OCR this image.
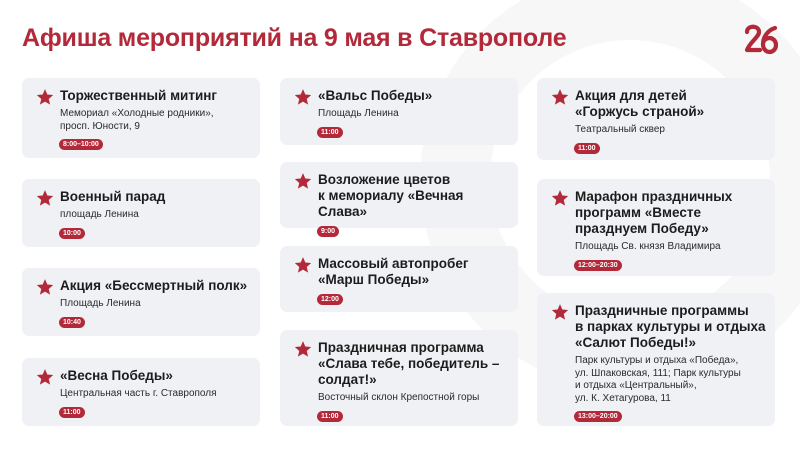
Афиша мероприятий на 9 мая в Ставрополе
Торжественный митинг
Мемориал «Холодные родники»,
просп. Юности, 9
8:00–10:00
Военный парад
площадь Ленина
10:00
Акция «Бессмертный полк»
Площадь Ленина
10:40
«Весна Победы»
Центральная часть г. Ставрополя
11:00
«Вальс Победы»
Площадь Ленина
11:00
Возложение цветов
к мемориалу «Вечная Слава»
9:00
Массовый автопробег
«Марш Победы»
12:00
Праздничная программа
«Слава тебе, победитель –
солдат!»
Восточный склон Крепостной горы
11:00
Акция для детей
«Горжусь страной»
Театральный сквер
11:00
Марафон праздничных
программ «Вместе
празднуем Победу»
Площадь Св. князя Владимира
12:00–20:30
Праздничные программы
в парках культуры и отдыха
«Салют Победы!»
Парк культуры и отдыха «Победа»,
ул. Шпаковская, 111; Парк культуры
и отдыха «Центральный»,
ул. К. Хетагурова, 11
13:00–20:00
